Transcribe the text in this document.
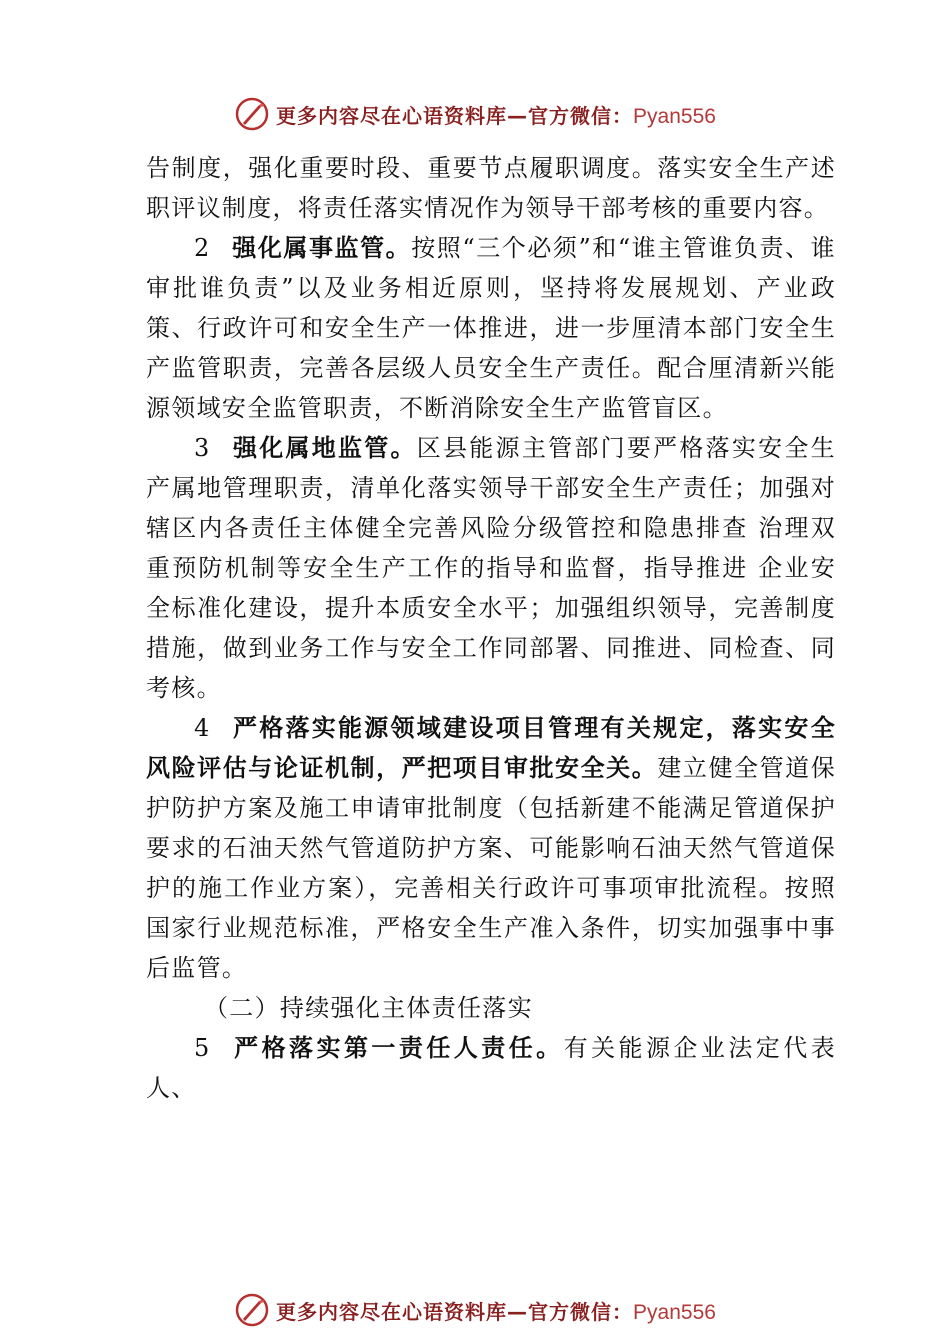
更多内容尽在心语资料库—官方微信：Pyan556

告制度，强化重要时段、重要节点履职调度。落实安全生产述职评议制度，将责任落实情况作为领导干部考核的重要内容。

2 强化属事监管。按照“三个必须”和“谁主管谁负责、谁审批谁负责”以及业务相近原则，坚持将发展规划、产业政策、行政许可和安全生产一体推进，进一步厘清本部门安全生产监管职责，完善各层级人员安全生产责任。配合厘清新兴能源领域安全监管职责，不断消除安全生产监管盲区。

3 强化属地监管。区县能源主管部门要严格落实安全生产属地管理职责，清单化落实领导干部安全生产责任；加强对辖区内各责任主体健全完善风险分级管控和隐患排查 治理双重预防机制等安全生产工作的指导和监督，指导推进 企业安全标准化建设，提升本质安全水平；加强组织领导，完善制度措施，做到业务工作与安全工作同部署、同推进、同检查、同考核。

4 严格落实能源领域建设项目管理有关规定，落实安全风险评估与论证机制，严把项目审批安全关。建立健全管道保护防护方案及施工申请审批制度（包括新建不能满足管道保护要求的石油天然气管道防护方案、可能影响石油天然气管道保护的施工作业方案），完善相关行政许可事项审批流程。按照国家行业规范标准，严格安全生产准入条件，切实加强事中事后监管。

（二）持续强化主体责任落实

5 严格落实第一责任人责任。有关能源企业法定代表人、

更多内容尽在心语资料库—官方微信：Pyan556
